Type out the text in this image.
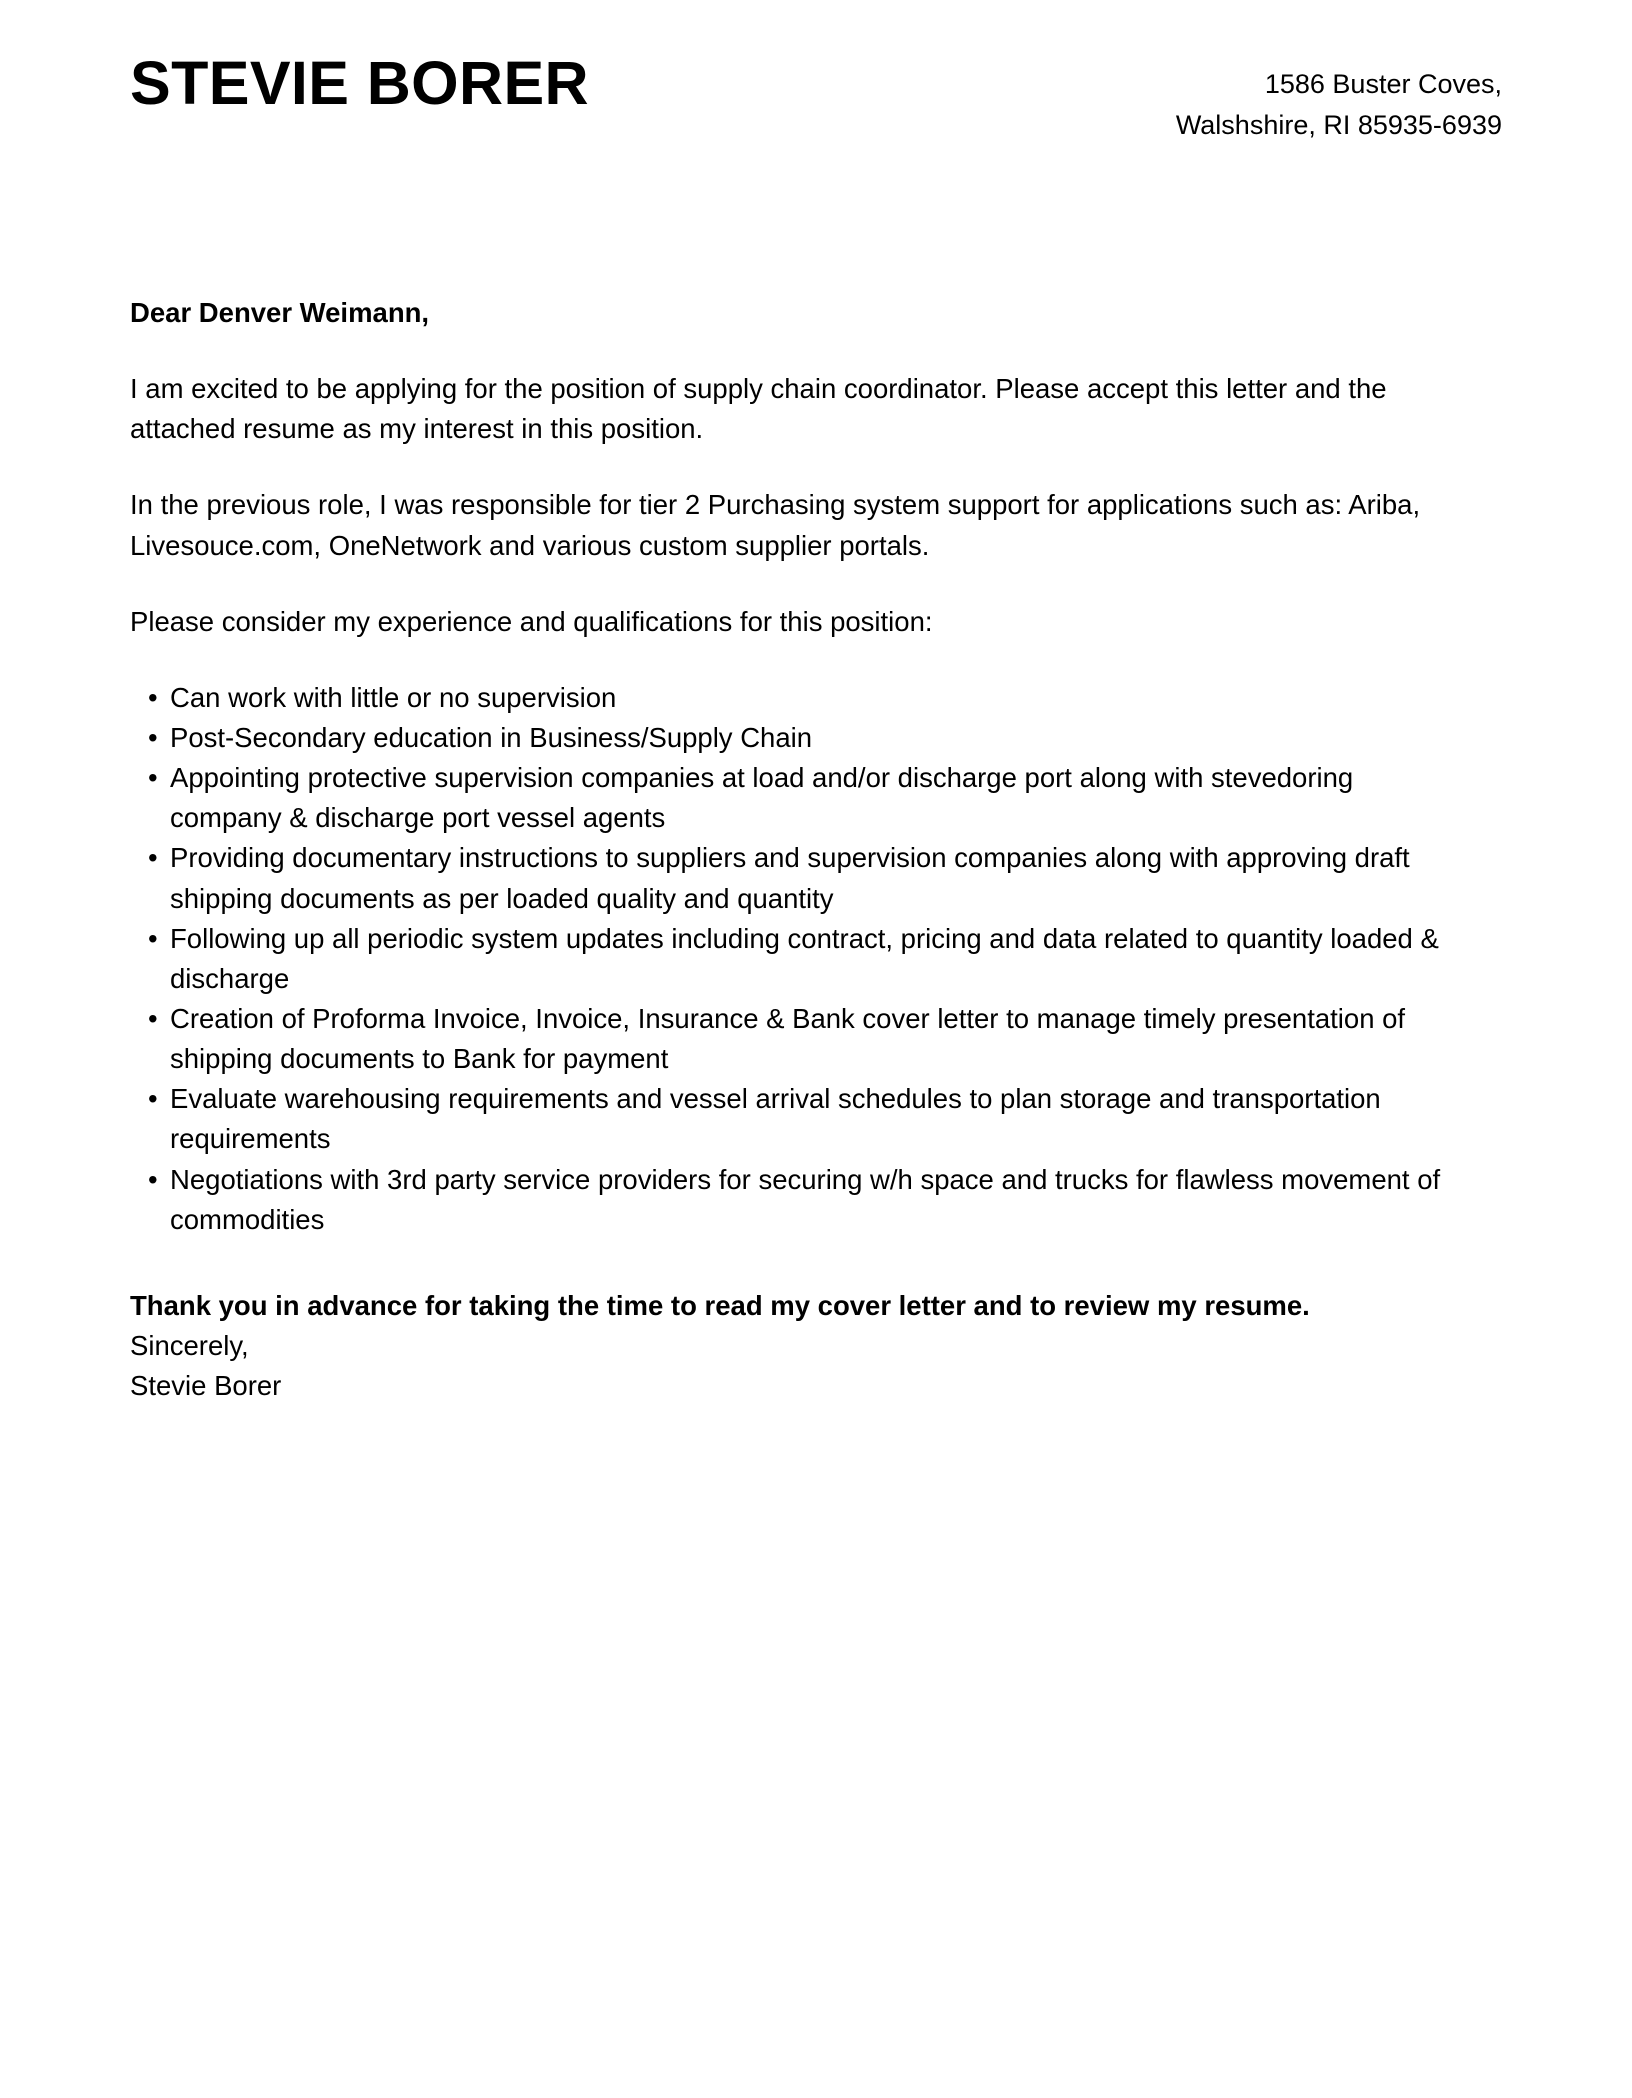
STEVIE BORER	1586 Buster Coves,
Walshshire, RI 85935-6939

Dear Denver Weimann,

I am excited to be applying for the position of supply chain coordinator. Please accept this letter and the attached resume as my interest in this position.

In the previous role, I was responsible for tier 2 Purchasing system support for applications such as: Ariba, Livesouce.com, OneNetwork and various custom supplier portals.

Please consider my experience and qualifications for this position:

• Can work with little or no supervision
• Post-Secondary education in Business/Supply Chain
• Appointing protective supervision companies at load and/or discharge port along with stevedoring company & discharge port vessel agents
• Providing documentary instructions to suppliers and supervision companies along with approving draft shipping documents as per loaded quality and quantity
• Following up all periodic system updates including contract, pricing and data related to quantity loaded & discharge
• Creation of Proforma Invoice, Invoice, Insurance & Bank cover letter to manage timely presentation of shipping documents to Bank for payment
• Evaluate warehousing requirements and vessel arrival schedules to plan storage and transportation requirements
• Negotiations with 3rd party service providers for securing w/h space and trucks for flawless movement of commodities

Thank you in advance for taking the time to read my cover letter and to review my resume.

Sincerely,
Stevie Borer
